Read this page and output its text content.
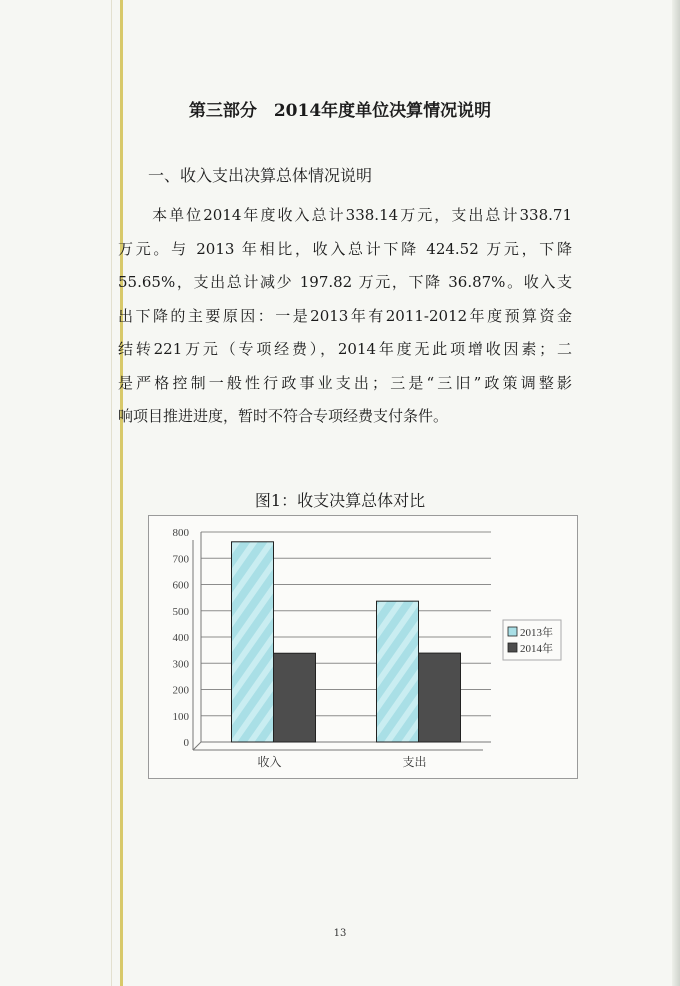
第三部分　2014年度单位决算情况说明
一、收入支出决算总体情况说明
　　本单位2014年度收入总计338.14万元，支出总计338.71
万元。与 2013 年相比，收入总计下降 424.52 万元，下降
55.65%，支出总计减少 197.82 万元，下降 36.87%。收入支
出下降的主要原因：一是2013年有2011-2012年度预算资金
结转221万元（专项经费），2014年度无此项增收因素；二
是严格控制一般性行政事业支出；三是“三旧”政策调整影
响项目推进进度，暂时不符合专项经费支付条件。
图1：收支决算总体对比
0
100
200
300
400
500
600
700
800
收入	支出
2013年
2014年
13
